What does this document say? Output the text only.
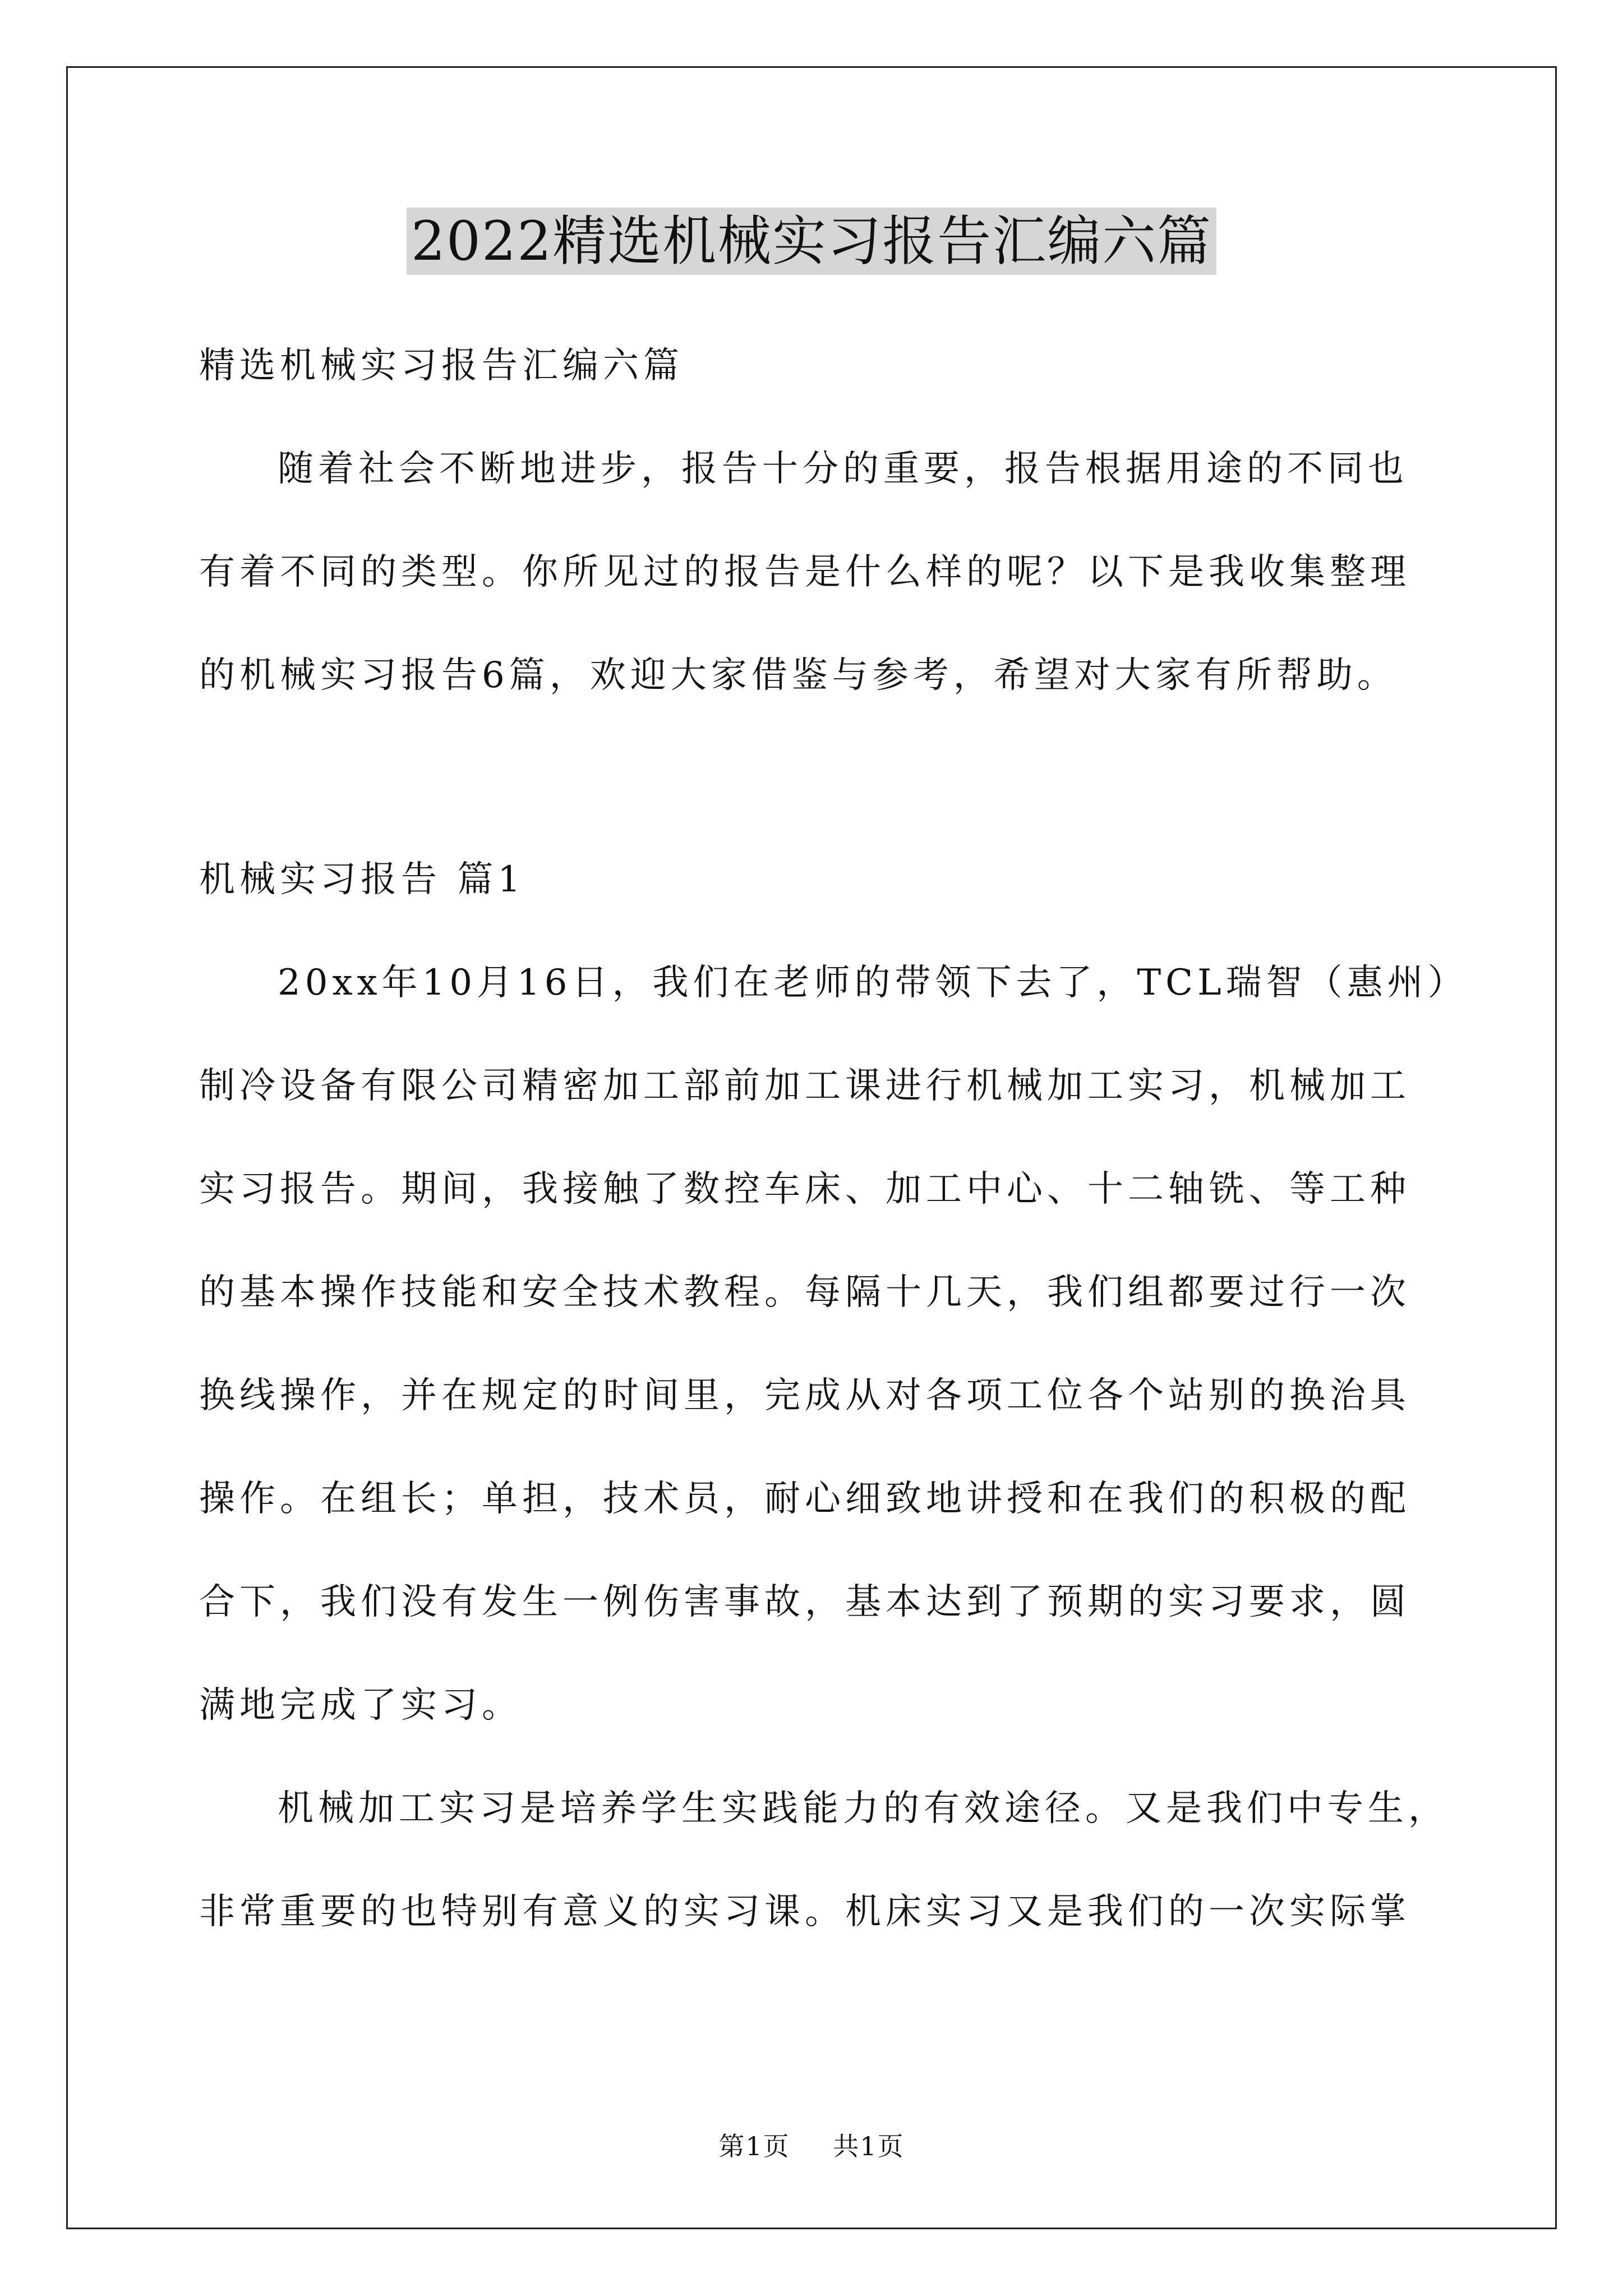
2022精选机械实习报告汇编六篇
精选机械实习报告汇编六篇
随着社会不断地进步，报告十分的重要，报告根据用途的不同也
有着不同的类型。你所见过的报告是什么样的呢？以下是我收集整理
的机械实习报告6篇，欢迎大家借鉴与参考，希望对大家有所帮助。
机械实习报告 篇1
20xx年10月16日，我们在老师的带领下去了，TCL瑞智（惠州）
制冷设备有限公司精密加工部前加工课进行机械加工实习，机械加工
实习报告。期间，我接触了数控车床、加工中心、十二轴铣、等工种
的基本操作技能和安全技术教程。每隔十几天，我们组都要过行一次
换线操作，并在规定的时间里，完成从对各项工位各个站别的换治具
操作。在组长；单担，技术员，耐心细致地讲授和在我们的积极的配
合下，我们没有发生一例伤害事故，基本达到了预期的实习要求，圆
满地完成了实习。
机械加工实习是培养学生实践能力的有效途径。又是我们中专生，
非常重要的也特别有意义的实习课。机床实习又是我们的一次实际掌
第1页 共1页
